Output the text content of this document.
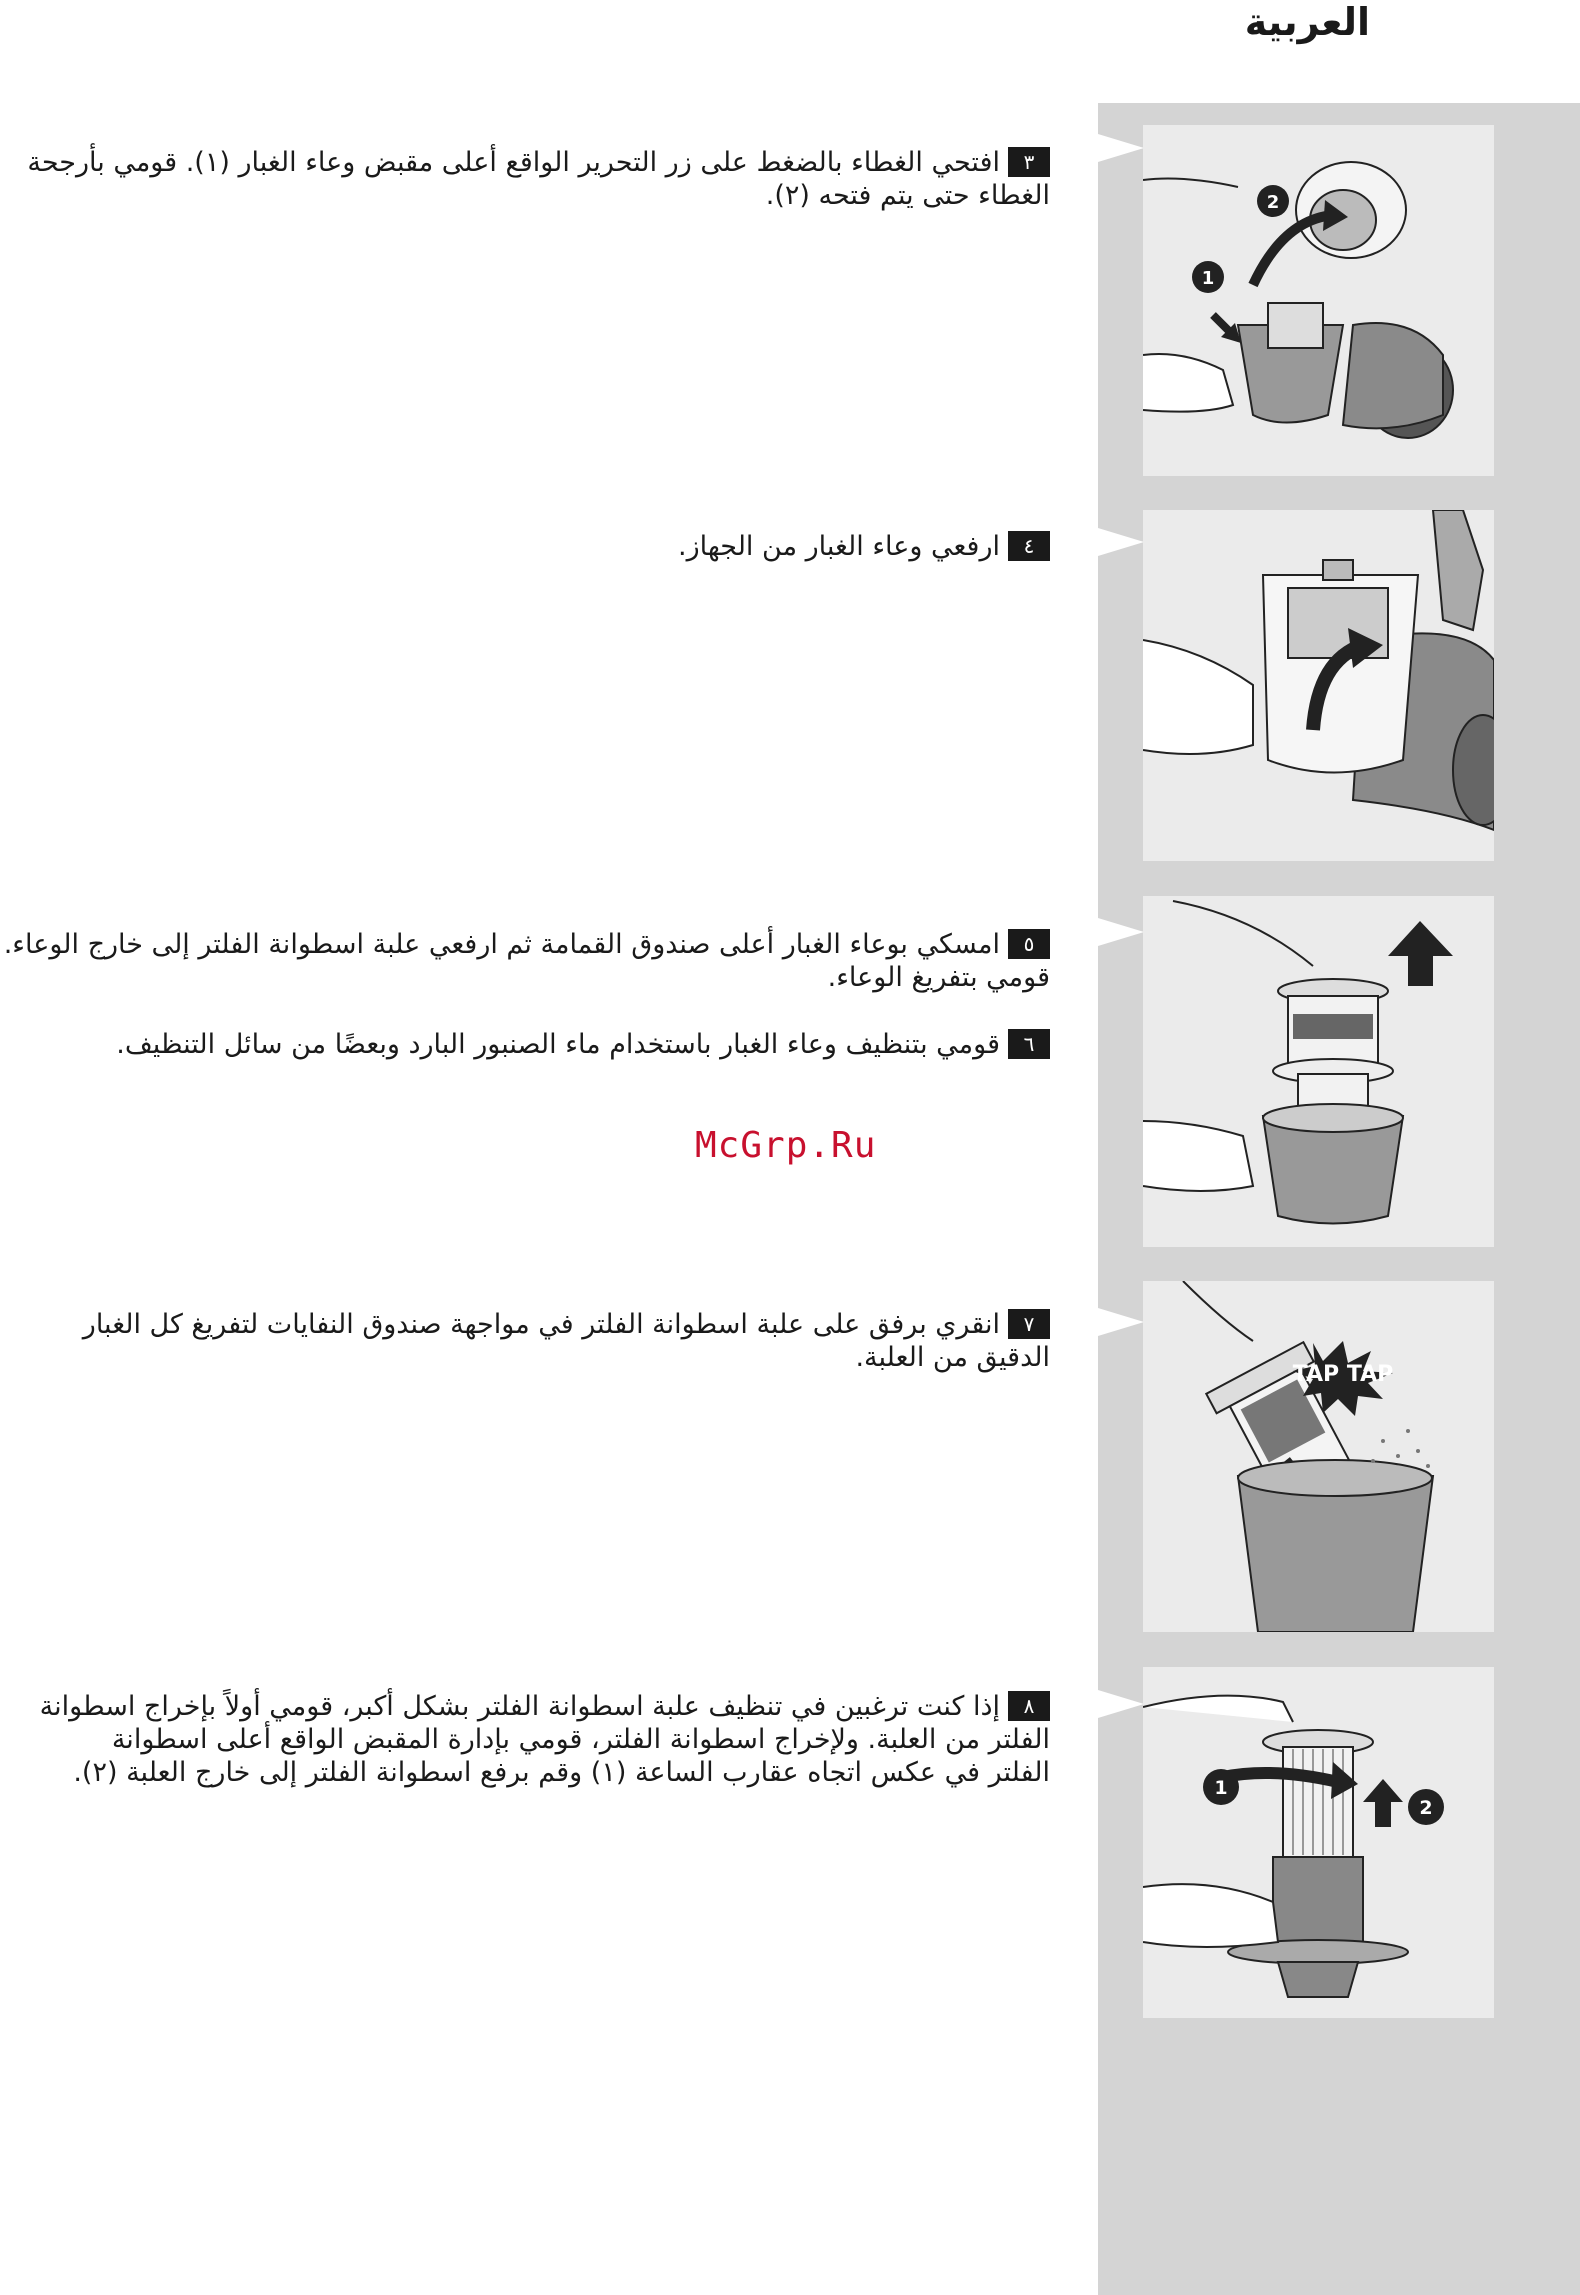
العربية
٣افتحي الغطاء بالضغط على زر التحرير الواقع أعلى مقبض وعاء الغبار (١). قومي بأرجحة
الغطاء حتى يتم فتحه (٢).
٤ارفعي وعاء الغبار من الجهاز.
٥امسكي بوعاء الغبار أعلى صندوق القمامة ثم ارفعي علبة اسطوانة الفلتر إلى خارج الوعاء.
قومي بتفريغ الوعاء.
٦قومي بتنظيف وعاء الغبار باستخدام ماء الصنبور البارد وبعضًا من سائل التنظيف.
McGrp.Ru
٧انقري برفق على علبة اسطوانة الفلتر في مواجهة صندوق النفايات لتفريغ كل الغبار
الدقيق من العلبة.
٨إذا كنت ترغبين في تنظيف علبة اسطوانة الفلتر بشكل أكبر، قومي أولاً بإخراج اسطوانة
الفلتر من العلبة. ولإخراج اسطوانة الفلتر، قومي بإدارة المقبض الواقع أعلى اسطوانة
الفلتر في عكس اتجاه عقارب الساعة (١) وقم برفع اسطوانة الفلتر إلى خارج العلبة (٢).
1
2
TAP TAP
1
2
